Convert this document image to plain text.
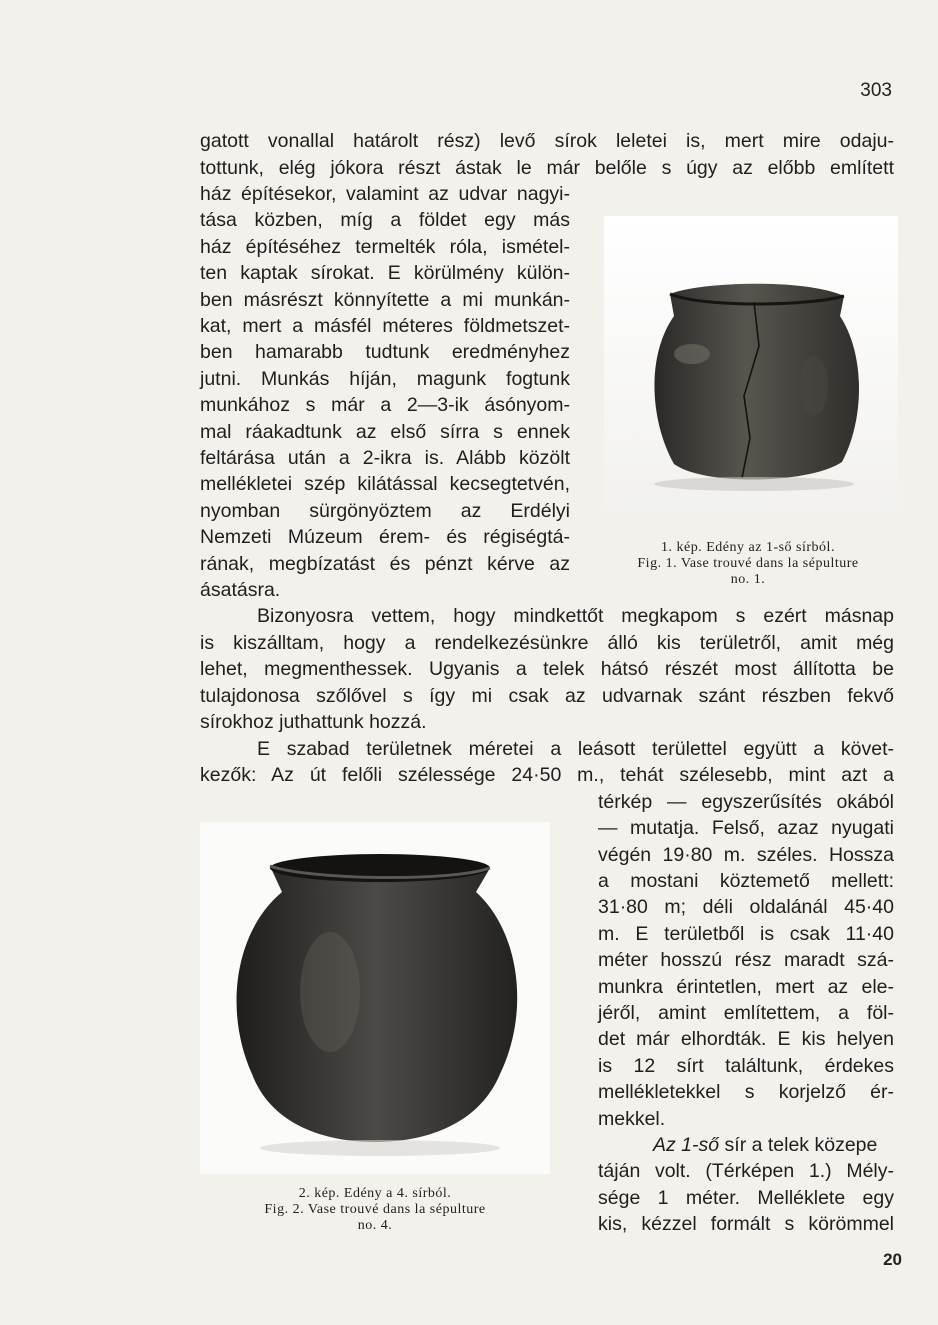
303
gatott vonallal határolt rész) levő sírok leletei is, mert mire odaju-
tottunk, elég jókora részt ástak le már belőle s úgy az előbb említett
ház építésekor, valamint az udvar nagyi-
tása közben, míg a földet egy más
ház építéséhez termelték róla, ismétel-
ten kaptak sírokat. E körülmény külön-
ben másrészt könnyítette a mi munkán-
kat, mert a másfél méteres földmetszet-
ben hamarabb tudtunk eredményhez
jutni. Munkás híján, magunk fogtunk
munkához s már a 2—3-ik ásónyom-
mal ráakadtunk az első sírra s ennek
feltárása után a 2-ikra is. Alább közölt
mellékletei szép kilátással kecsegtetvén,
nyomban sürgönyöztem az Erdélyi
Nemzeti Múzeum érem- és régiségtá-
rának, megbízatást és pénzt kérve az
ásatásra.
Bizonyosra vettem, hogy mindkettőt megkapom s ezért másnap
is kiszálltam, hogy a rendelkezésünkre álló kis területről, amit még
lehet, megmenthessek. Ugyanis a telek hátsó részét most állította be
tulajdonosa szőlővel s így mi csak az udvarnak szánt részben fekvő
sírokhoz juthattunk hozzá.
E szabad területnek méretei a leásott területtel együtt a követ-
kezők: Az út felőli szélessége 24·50 m., tehát szélesebb, mint azt a
térkép — egyszerűsítés okából
— mutatja. Felső, azaz nyugati
végén 19·80 m. széles. Hossza
a mostani köztemető mellett:
31·80 m; déli oldalánál 45·40
m. E területből is csak 11·40
méter hosszú rész maradt szá-
munkra érintetlen, mert az ele-
jéről, amint említettem, a föl-
det már elhordták. E kis helyen
is 12 sírt találtunk, érdekes
mellékletekkel s korjelző ér-
mekkel.
Az 1-ső sír a telek közepe
táján volt. (Térképen 1.) Mély-
sége 1 méter. Melléklete egy
kis, kézzel formált s körömmel
20
1. kép. Edény az 1-ső sírból.
Fig. 1. Vase trouvé dans la sépulture
no. 1.
2. kép. Edény a 4. sírból.
Fig. 2. Vase trouvé dans la sépulture
no. 4.
